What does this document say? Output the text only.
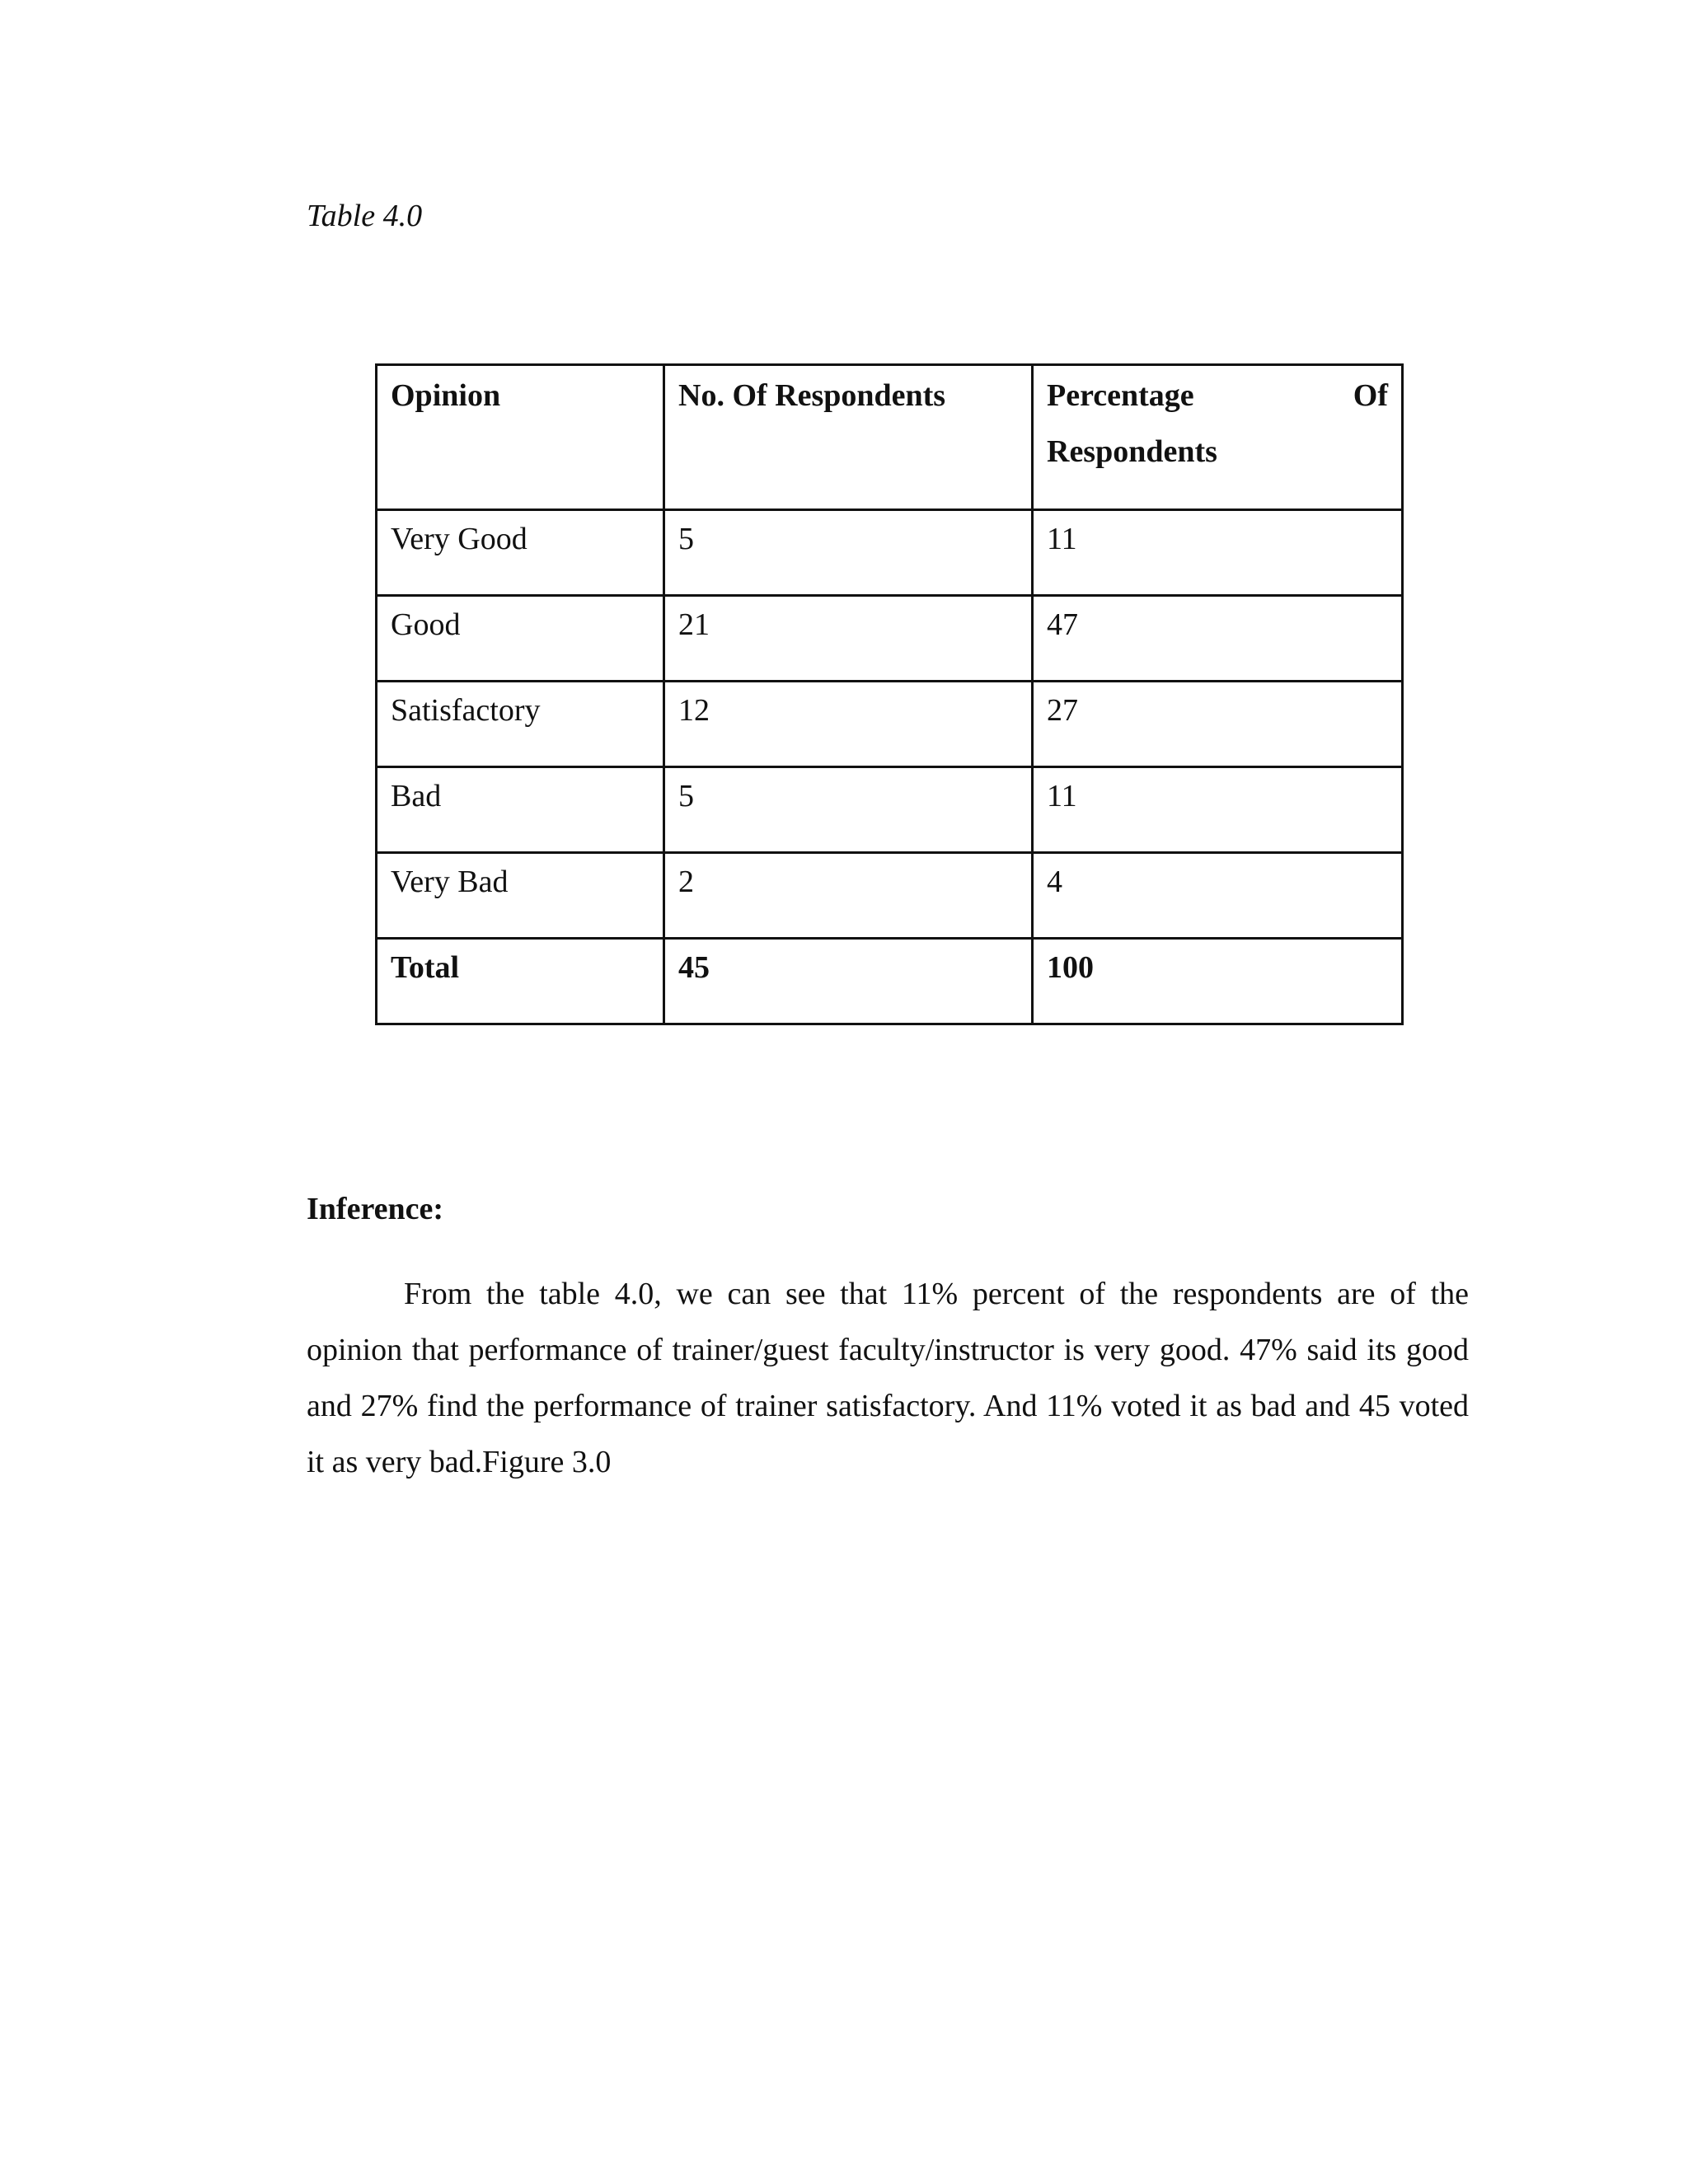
Table 4.0

Opinion	No. Of Respondents	Percentage Of
Respondents

Very Good	5	11
Good	21	47
Satisfactory	12	27
Bad	5	11
Very Bad	2	4
Total	45	100

Inference:

From the table 4.0, we can see that 11% percent of the respondents are of the opinion that performance of trainer/guest faculty/instructor is very good. 47% said its good and 27% find the performance of trainer satisfactory. And 11% voted it as bad and 45 voted it as very bad.Figure 3.0
